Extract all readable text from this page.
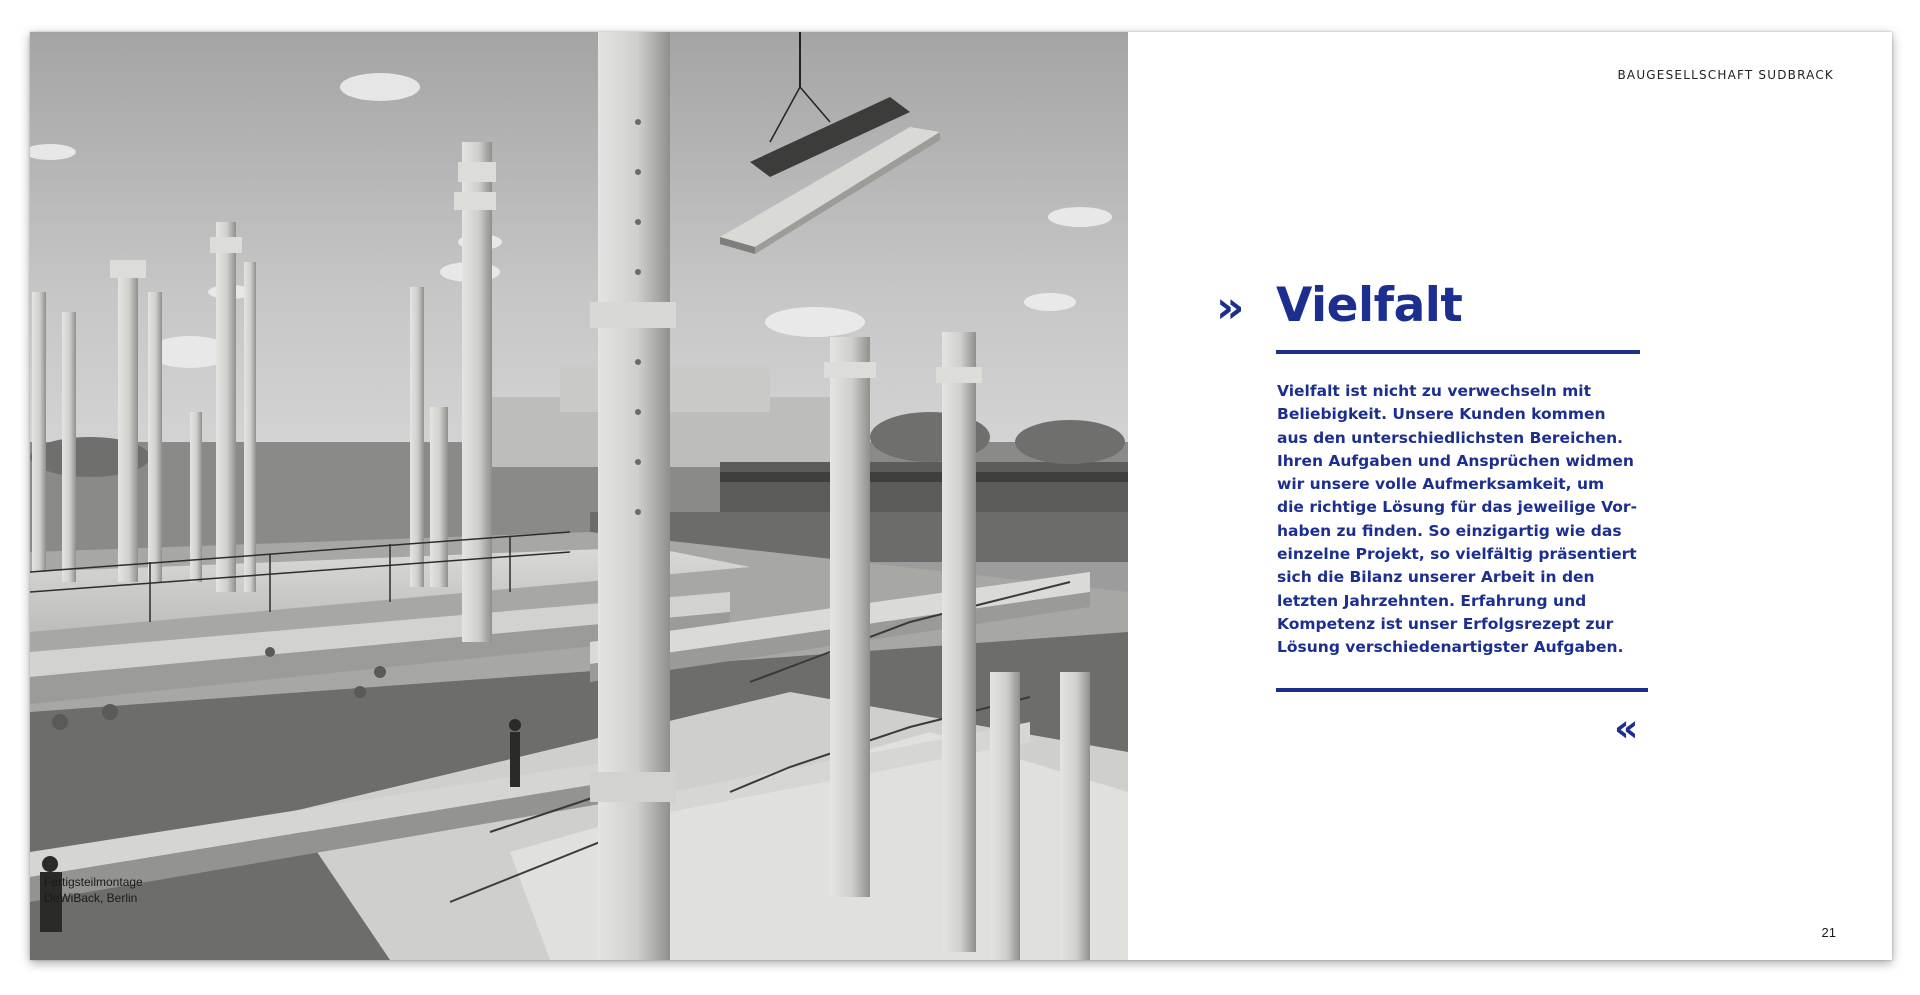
Fertigsteilmontage
DeWiBack, Berlin
BAUGESELLSCHAFT SUDBRACK
» Vielfalt
Vielfalt ist nicht zu verwechseln mit
Beliebigkeit. Unsere Kunden kommen
aus den unterschiedlichsten Bereichen.
Ihren Aufgaben und Ansprüchen widmen
wir unsere volle Aufmerksamkeit, um
die richtige Lösung für das jeweilige Vor-
haben zu finden. So einzigartig wie das
einzelne Projekt, so vielfältig präsentiert
sich die Bilanz unserer Arbeit in den
letzten Jahrzehnten. Erfahrung und
Kompetenz ist unser Erfolgsrezept zur
Lösung verschiedenartigster Aufgaben.
«
21
